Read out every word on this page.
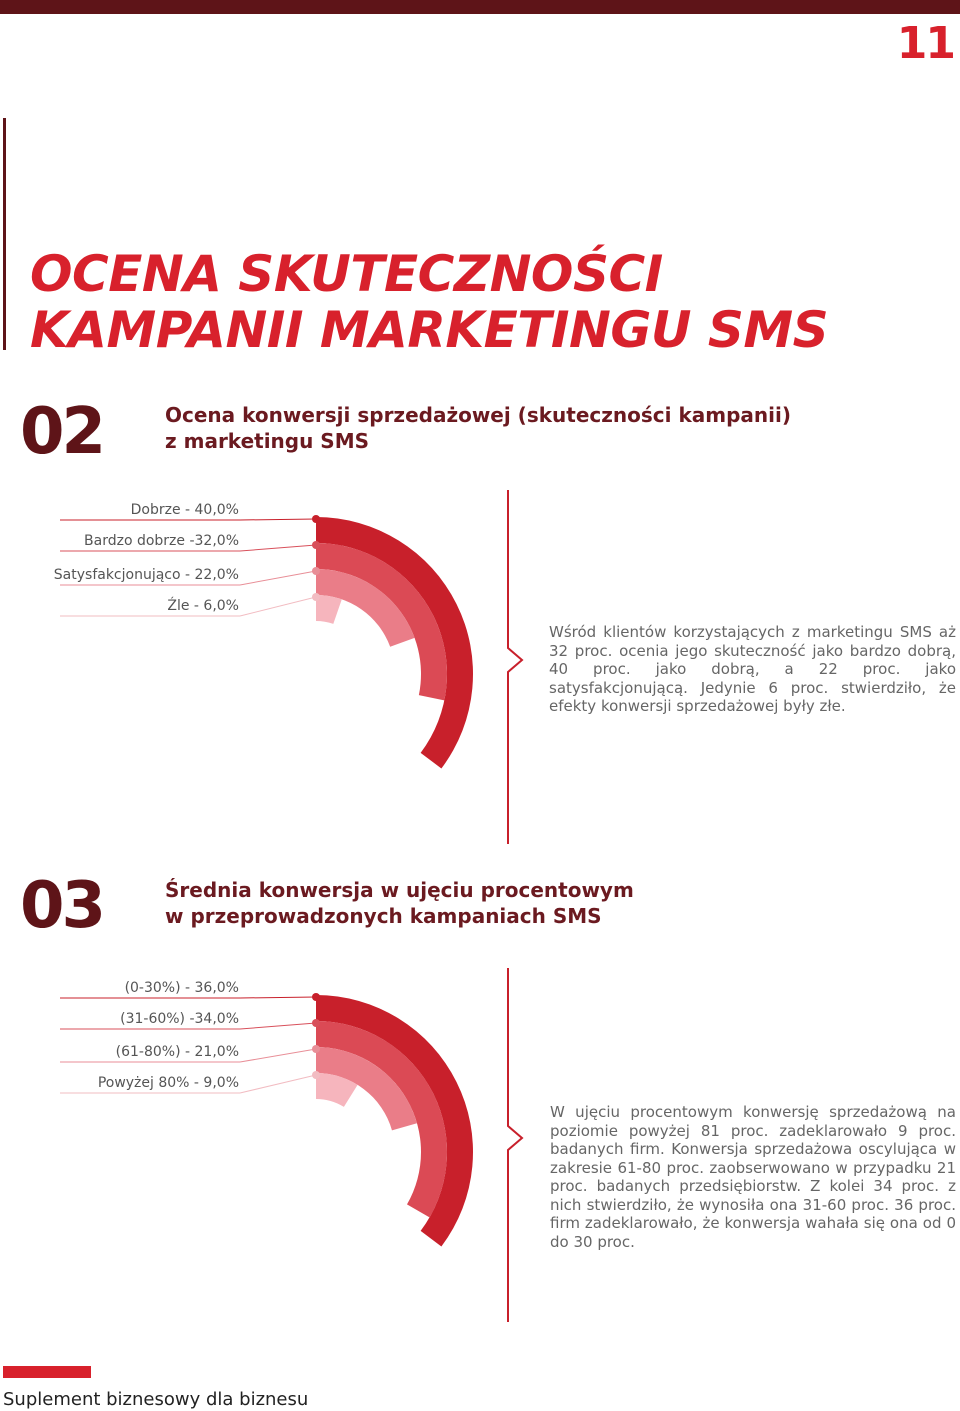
11
OCENA SKUTECZNOŚCI
KAMPANII MARKETINGU SMS
02	Ocena konwersji sprzedażowej (skuteczności kampanii)
z marketingu SMS
Dobrze - 40,0%
Bardzo dobrze -32,0%
Satysfakcjonująco - 22,0%
Źle - 6,0%

Wśród klientów korzystających z marketingu SMS aż 32 proc. ocenia jego skuteczność jako bardzo dobrą, 40 proc. jako dobrą, a 22 proc. jako satysfakcjonującą. Jedynie 6 proc. stwierdziło, że efekty konwersji sprzedażowej były złe.

03	Średnia konwersja w ujęciu procentowym
w przeprowadzonych kampaniach SMS
(0-30%) - 36,0%
(31-60%) -34,0%
(61-80%) - 21,0%
Powyżej 80% - 9,0%

W ujęciu procentowym konwersję sprzedażową na poziomie powyżej 81 proc. zadeklarowało 9 proc. badanych firm. Konwersja sprzedażowa oscylująca w zakresie 61-80 proc. zaobserwowano w przypadku 21 proc. badanych przedsiębiorstw. Z kolei 34 proc. z nich stwierdziło, że wynosiła ona 31-60 proc. 36 proc. firm zadeklarowało, że konwersja wahała się ona od 0 do 30 proc.

Suplement biznesowy dla biznesu
